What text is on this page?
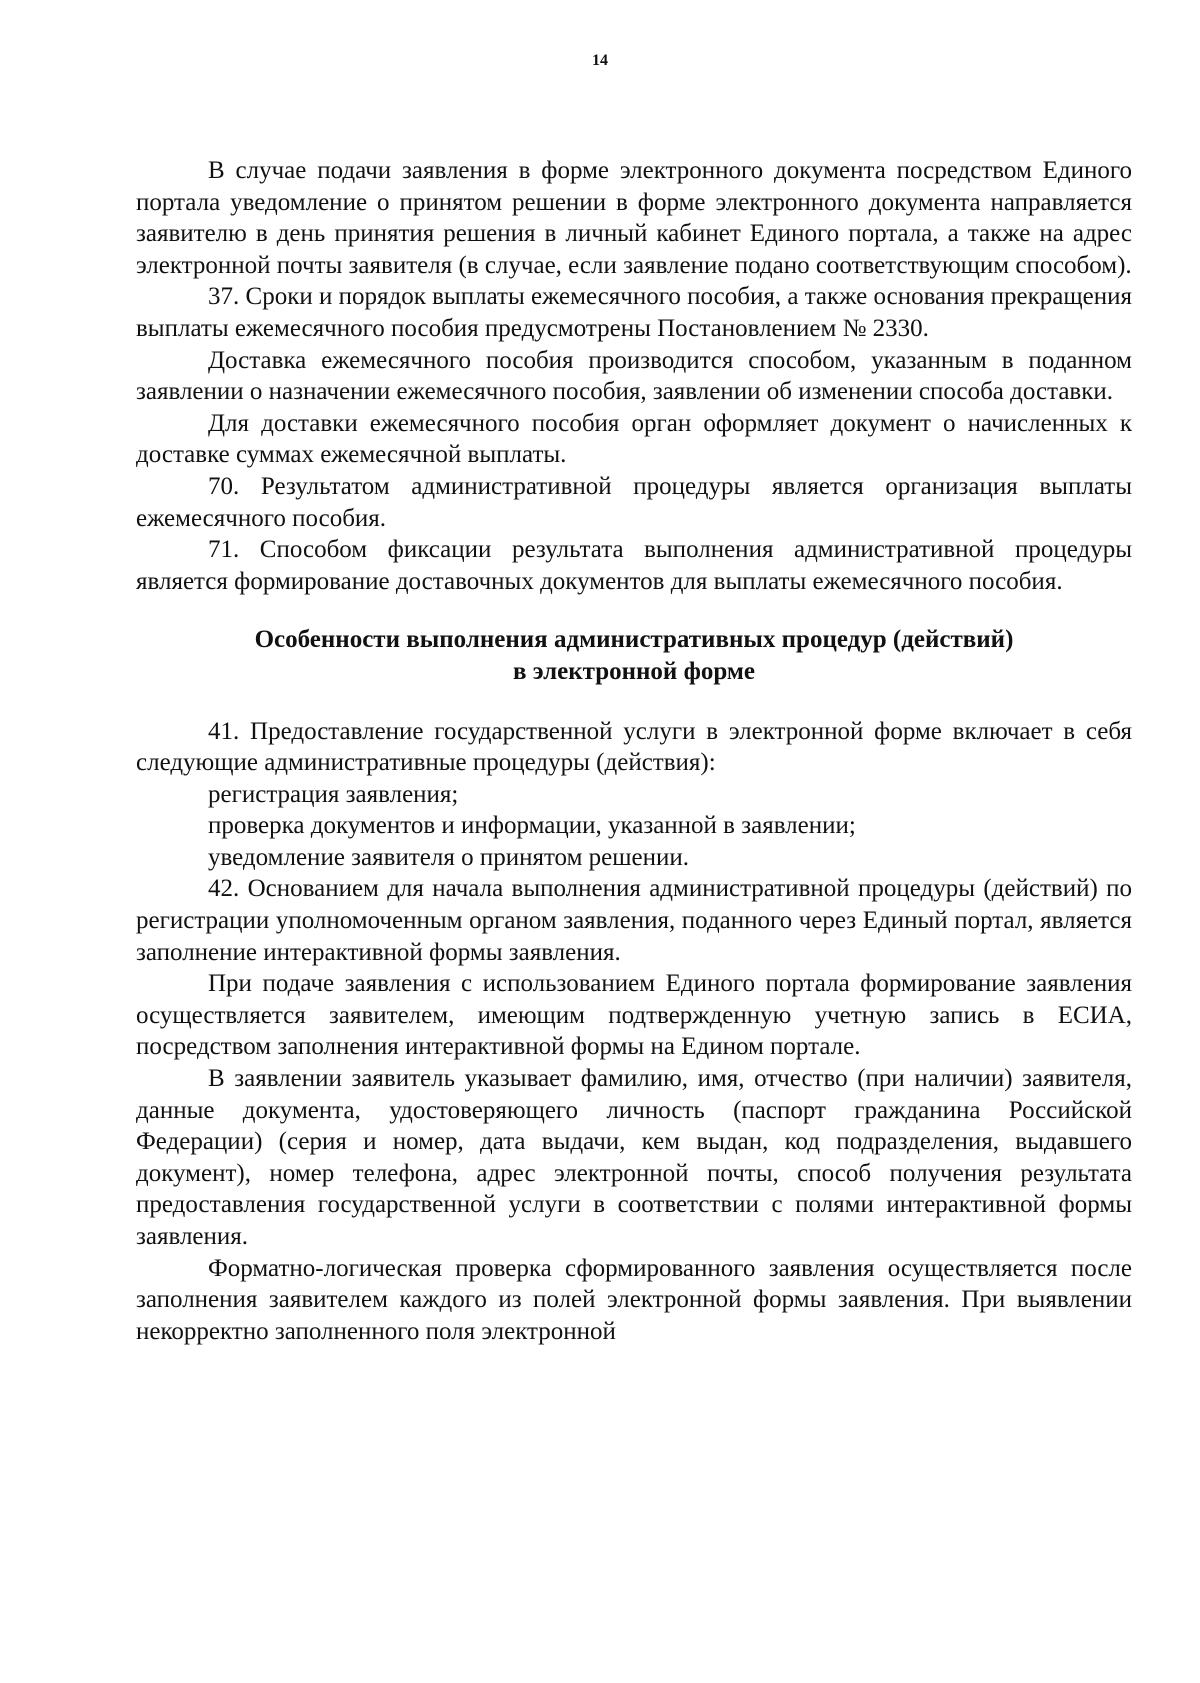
14

В случае подачи заявления в форме электронного документа посредством Единого портала уведомление о принятом решении в форме электронного документа направляется заявителю в день принятия решения в личный кабинет Единого портала, а также на адрес электронной почты заявителя (в случае, если заявление подано соответствующим способом).

37. Сроки и порядок выплаты ежемесячного пособия, а также основания прекращения выплаты ежемесячного пособия предусмотрены Постановлением № 2330.

Доставка ежемесячного пособия производится способом, указанным в поданном заявлении о назначении ежемесячного пособия, заявлении об изменении способа доставки.

Для доставки ежемесячного пособия орган оформляет документ о начисленных к доставке суммах ежемесячной выплаты.

70. Результатом административной процедуры является организация выплаты ежемесячного пособия.

71. Способом фиксации результата выполнения административной процедуры является формирование доставочных документов для выплаты ежемесячного пособия.

Особенности выполнения административных процедур (действий)
в электронной форме

41. Предоставление государственной услуги в электронной форме включает в себя следующие административные процедуры (действия):

регистрация заявления;

проверка документов и информации, указанной в заявлении;

уведомление заявителя о принятом решении.

42. Основанием для начала выполнения административной процедуры (действий) по регистрации уполномоченным органом заявления, поданного через Единый портал, является заполнение интерактивной формы заявления.

При подаче заявления с использованием Единого портала формирование заявления осуществляется заявителем, имеющим подтвержденную учетную запись в ЕСИА, посредством заполнения интерактивной формы на Едином портале.

В заявлении заявитель указывает фамилию, имя, отчество (при наличии) заявителя, данные документа, удостоверяющего личность (паспорт гражданина Российской Федерации) (серия и номер, дата выдачи, кем выдан, код подразделения, выдавшего документ), номер телефона, адрес электронной почты, способ получения результата предоставления государственной услуги в соответствии с полями интерактивной формы заявления.

Форматно-логическая проверка сформированного заявления осуществляется после заполнения заявителем каждого из полей электронной формы заявления. При выявлении некорректно заполненного поля электронной
